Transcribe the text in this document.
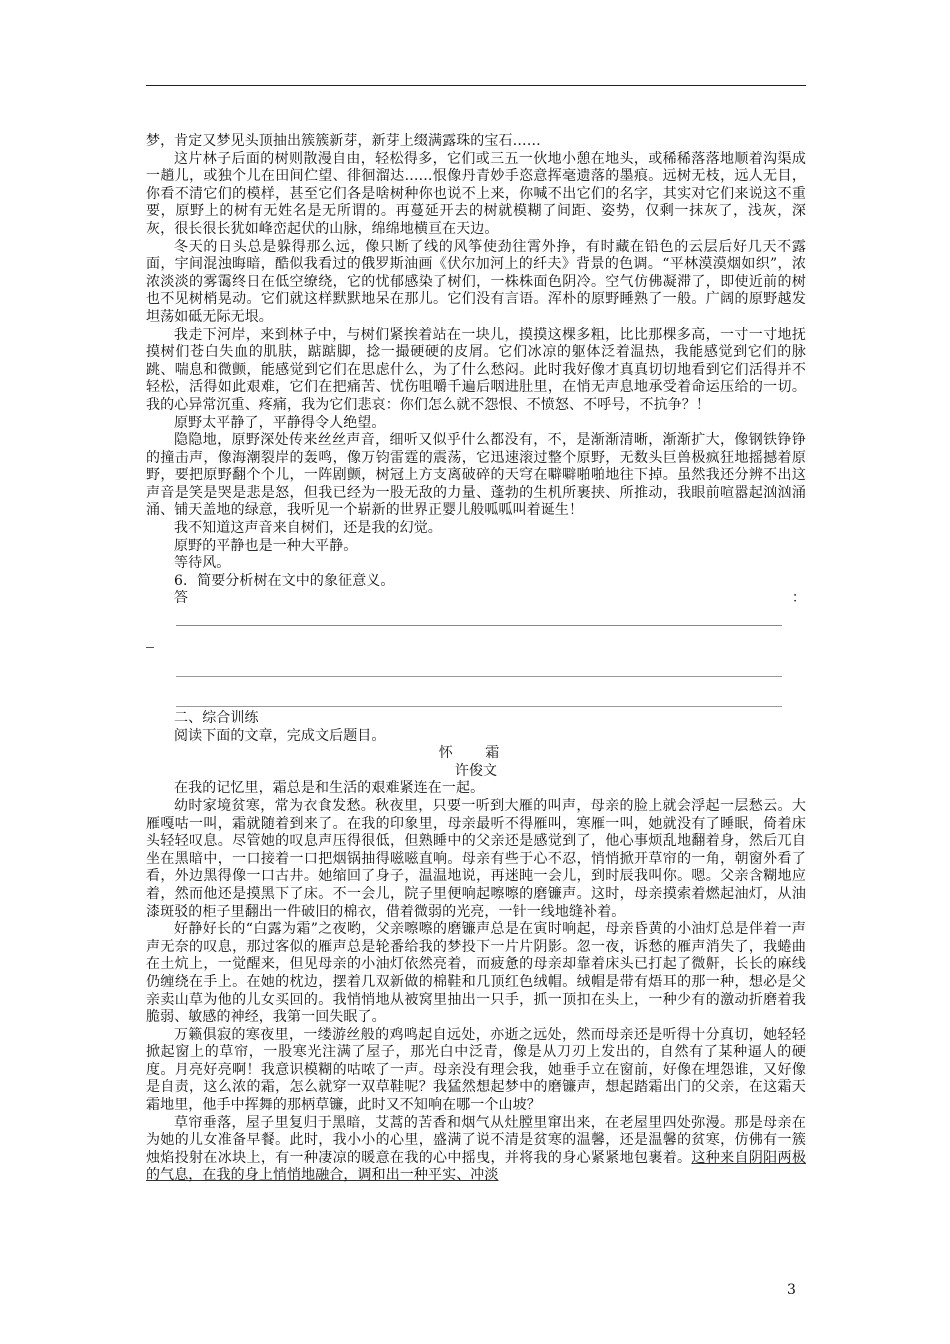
梦，肯定又梦见头顶抽出簇簇新芽，新芽上缀满露珠的宝石……

这片林子后面的树则散漫自由，轻松得多，它们或三五一伙地小憩在地头，或稀稀落落地顺着沟渠成一趟儿，或独个儿在田间伫望、徘徊溜达……恨像丹青妙手恣意挥毫遗落的墨痕。远树无枝，远人无目，你看不清它们的模样，甚至它们各是啥树种你也说不上来，你喊不出它们的名字，其实对它们来说这不重要，原野上的树有无姓名是无所谓的。再蔓延开去的树就模糊了间距、姿势，仅剩一抹灰了，浅灰，深灰，很长很长犹如峰峦起伏的山脉，绵绵地横亘在天边。

冬天的日头总是躲得那么远，像只断了线的风筝使劲往霄外挣，有时藏在铅色的云层后好几天不露面，宇间混浊晦暗，酷似我看过的俄罗斯油画《伏尔加河上的纤夫》背景的色调。“平林漠漠烟如织”，浓浓淡淡的雾霭终日在低空缭绕，它的忧郁感染了树们，一株株面色阴冷。空气仿佛凝滞了，即使近前的树也不见树梢晃动。它们就这样默默地呆在那儿。它们没有言语。浑朴的原野睡熟了一般。广阔的原野越发坦荡如砥无际无垠。

我走下河岸，来到林子中，与树们紧挨着站在一块儿，摸摸这棵多粗，比比那棵多高，一寸一寸地抚摸树们苍白失血的肌肤，踮踮脚，捻一撮硬硬的皮屑。它们冰凉的躯体泛着温热，我能感觉到它们的脉跳、喘息和微颤，能感觉到它们在思虑什么，为了什么愁闷。此时我好像才真真切切地看到它们活得并不轻松，活得如此艰难，它们在把痛苦、忧伤咀嚼千遍后咽进肚里，在悄无声息地承受着命运压给的一切。我的心异常沉重、疼痛，我为它们悲哀：你们怎么就不怨恨、不愤怒、不呼号，不抗争？！

原野太平静了，平静得令人绝望。

隐隐地，原野深处传来丝丝声音，细听又似乎什么都没有，不，是渐渐清晰，渐渐扩大，像钢铁铮铮的撞击声，像海潮裂岸的轰鸣，像万钧雷霆的震荡，它迅速滚过整个原野，无数头巨兽极疯狂地摇撼着原野，要把原野翻个个儿，一阵剧颤，树冠上方支离破碎的天穹在噼噼啪啪地往下掉。虽然我还分辨不出这声音是笑是哭是悲是怒，但我已经为一股无敌的力量、蓬勃的生机所裹挟、所推动，我眼前喧嚣起汹汹涌涌、铺天盖地的绿意，我听见一个崭新的世界正婴儿般呱呱叫着诞生！

我不知道这声音来自树们，还是我的幻觉。

原野的平静也是一种大平静。

等待风。

6．简要分析树在文中的象征意义。

答：

二、综合训练

阅读下面的文章，完成文后题目。

怀 霜

许俊文

在我的记忆里，霜总是和生活的艰难紧连在一起。

幼时家境贫寒，常为衣食发愁。秋夜里，只要一听到大雁的叫声，母亲的脸上就会浮起一层愁云。大雁嘎咕一叫，霜就随着到来了。在我的印象里，母亲最听不得雁叫，寒雁一叫，她就没有了睡眠，倚着床头轻轻叹息。尽管她的叹息声压得很低，但熟睡中的父亲还是感觉到了，他心事烦乱地翻着身，然后兀自坐在黑暗中，一口接着一口把烟锅抽得嗞嗞直响。母亲有些于心不忍，悄悄掀开草帘的一角，朝窗外看了看，外边黑得像一口古井。她缩回了身子，温温地说，再迷盹一会儿，到时辰我叫你。嗯。父亲含糊地应着，然而他还是摸黑下了床。不一会儿，院子里便响起嚓嚓的磨镰声。这时，母亲摸索着燃起油灯，从油漆斑驳的柜子里翻出一件破旧的棉衣，借着微弱的光亮，一针一线地缝补着。

好静好长的“白露为霜”之夜哟，父亲嚓嚓的磨镰声总是在寅时响起，母亲昏黄的小油灯总是伴着一声声无奈的叹息，那过客似的雁声总是轮番给我的梦投下一片片阴影。忽一夜，诉愁的雁声消失了，我蜷曲在土炕上，一觉醒来，但见母亲的小油灯依然亮着，而疲惫的母亲却靠着床头已打起了微鼾，长长的麻线仍缠绕在手上。在她的枕边，摆着几双新做的棉鞋和几顶红色绒帽。绒帽是带有焐耳的那一种，想必是父亲卖山草为他的儿女买回的。我悄悄地从被窝里抽出一只手，抓一顶扣在头上，一种少有的激动折磨着我脆弱、敏感的神经，我第一回失眠了。

万籁俱寂的寒夜里，一缕游丝般的鸡鸣起自远处，亦逝之远处，然而母亲还是听得十分真切，她轻轻掀起窗上的草帘，一股寒光注满了屋子，那光白中泛青，像是从刀刃上发出的，自然有了某种逼人的硬度。月亮好亮啊！我意识模糊的咕哝了一声。母亲没有理会我，她垂手立在窗前，好像在埋怨谁，又好像是自责，这么浓的霜，怎么就穿一双草鞋呢？我猛然想起梦中的磨镰声，想起踏霜出门的父亲，在这霜天霜地里，他手中挥舞的那柄草镰，此时又不知响在哪一个山坡？

草帘垂落，屋子里复归于黑暗，艾蒿的苦香和烟气从灶膛里窜出来，在老屋里四处弥漫。那是母亲在为她的儿女准备早餐。此时，我小小的心里，盛满了说不清是贫寒的温馨，还是温馨的贫寒，仿佛有一簇烛焰投射在冰块上，有一种凄凉的暖意在我的心中摇曳，并将我的身心紧紧地包裹着。这种来自阴阳两极的气息，在我的身上悄悄地融合，调和出一种平实、冲淡

3
